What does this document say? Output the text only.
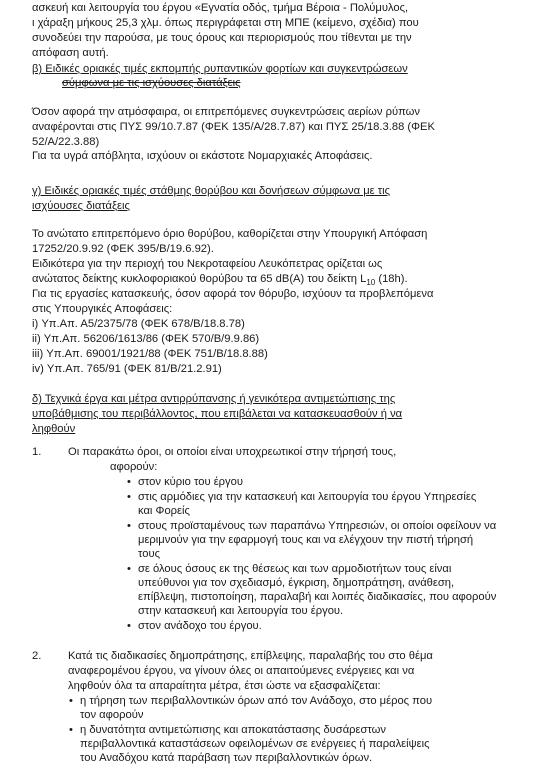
ασκευή και λειτουργία του έργου «Εγνατία οδός, τμήμα Βέροια - Πολύμυλος,
ι χάραξη μήκους 25,3 χλμ. όπως περιγράφεται στη ΜΠΕ (κείμενο, σχέδια) που
συνοδεύει την παρούσα, με τους όρους και περιορισμούς που τίθενται με την
απόφαση αυτή.
β) Ειδικές οριακές τιμές εκπομπής ρυπαντικών φορτίων και συγκεντρώσεων
σύμφωνα με τις ισχύουσες διατάξεις
Όσον αφορά την ατμόσφαιρα, οι επιτρεπόμενες συγκεντρώσεις αερίων ρύπων
αναφέρονται στις ΠΥΣ 99/10.7.87 (ΦΕΚ 135/Α/28.7.87) και ΠΥΣ 25/18.3.88 (ΦΕΚ
52/Α/22.3.88)
Για τα υγρά απόβλητα, ισχύουν οι εκάστοτε Νομαρχιακές Αποφάσεις.
γ) Ειδικές οριακές τιμές στάθμης θορύβου και δονήσεων σύμφωνα με τις
ισχύουσες διατάξεις
Το ανώτατο επιτρεπόμενο όριο θορύβου, καθορίζεται στην Υπουργική Απόφαση
17252/20.9.92 (ΦΕΚ 395/Β/19.6.92).
Ειδικότερα για την περιοχή του Νεκροταφείου Λευκόπετρας ορίζεται ως
ανώτατος δείκτης κυκλοφοριακού θορύβου τα 65 dB(A) του δείκτη $L_{10}$ (18h).
Για τις εργασίες κατασκευής, όσον αφορά τον θόρυβο, ισχύουν τα προβλεπόμενα
στις Υπουργικές Αποφάσεις:
i) Υπ.Απ. Α5/2375/78 (ΦΕΚ 678/Β/18.8.78)
ii) Υπ.Απ. 56206/1613/86 (ΦΕΚ 570/Β/9.9.86)
iii) Υπ.Απ. 69001/1921/88 (ΦΕΚ 751/Β/18.8.88)
iv) Υπ.Απ. 765/91 (ΦΕΚ 81/Β/21.2.91)
δ) Τεχνικά έργα και μέτρα αντιρρύπανσης ή γενικότερα αντιμετώπισης της
υποβάθμισης του περιβάλλοντος, που επιβάλεται να κατασκευασθούν ή να
ληφθούν
1. Οι παρακάτω όροι, οι οποίοι είναι υποχρεωτικοί στην τήρησή τους,
αφορούν:
• στον κύριο του έργου
• στις αρμόδιες για την κατασκευή και λειτουργία του έργου Υπηρεσίες
και Φορείς
• στους προϊσταμένους των παραπάνω Υπηρεσιών, οι οποίοι οφείλουν να
μεριμνούν για την εφαρμογή τους και να ελέγχουν την πιστή τήρησή
τους
• σε όλους όσους εκ της θέσεως και των αρμοδιοτήτων τους είναι
υπεύθυνοι για τον σχεδιασμό, έγκριση, δημοπράτηση, ανάθεση,
επίβλεψη, πιστοποίηση, παραλαβή και λοιπές διαδικασίες, που αφορούν
στην κατασκευή και λειτουργία του έργου.
• στον ανάδοχο του έργου.
2. Κατά τις διαδικασίες δημοπράτησης, επίβλεψης, παραλαβής του στο θέμα
αναφερομένου έργου, να γίνουν όλες οι απαιτούμενες ενέργειες και να
ληφθούν όλα τα απαραίτητα μέτρα, έτσι ώστε να εξασφαλίζεται:
• η τήρηση των περιβαλλοντικών όρων από τον Ανάδοχο, στο μέρος που
τον αφορούν
• η δυνατότητα αντιμετώπισης και αποκατάστασης δυσάρεστων
περιβαλλοντικά καταστάσεων οφειλομένων σε ενέργειες ή παραλείψεις
του Αναδόχου κατά παράβαση των περιβαλλοντικών όρων.
